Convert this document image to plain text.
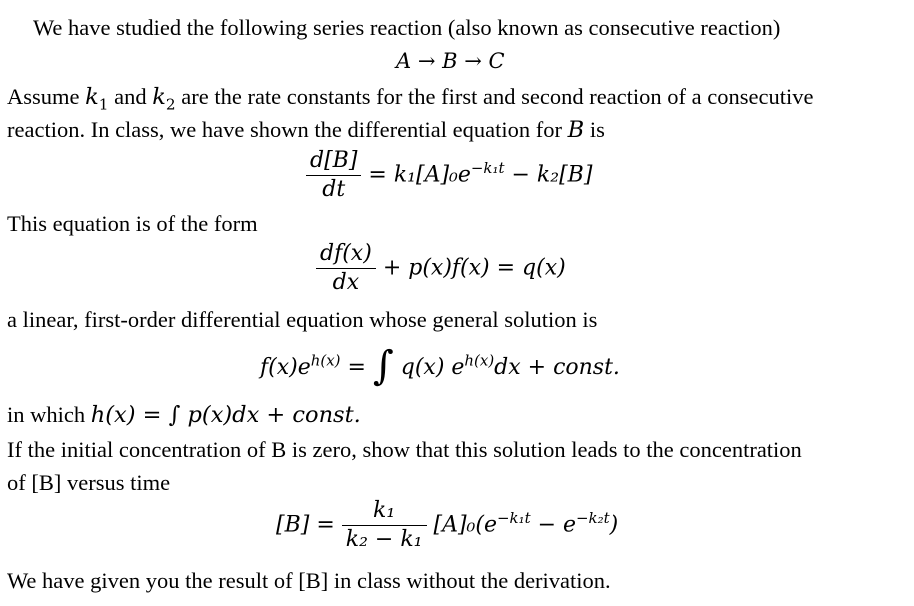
We have studied the following series reaction (also known as consecutive reaction)
A → B → C
Assume $k_1$ and $k_2$ are the rate constants for the first and second reaction of a consecutive
reaction. In class, we have shown the differential equation for B is
$\frac{d[B]}{dt} = k_1[A]_0e^{-k_1t} - k_2[B]$
This equation is of the form
$\frac{df(x)}{dx} + p(x)f(x) = q(x)$
a linear, first-order differential equation whose general solution is
$f(x)e^{h(x)}$ = ∫ q(x) $e^{h(x)}dx$ + const.
in which h(x) = ∫ p(x)dx + const.
If the initial concentration of B is zero, show that this solution leads to the concentration
of [B] versus time
$[B] = \frac{\text{k₁}}{\text{k₂ − k₁}} [A]_0(e^{-k_1t} - e^{-k_2t})$
We have given you the result of [B] in class without the derivation.
